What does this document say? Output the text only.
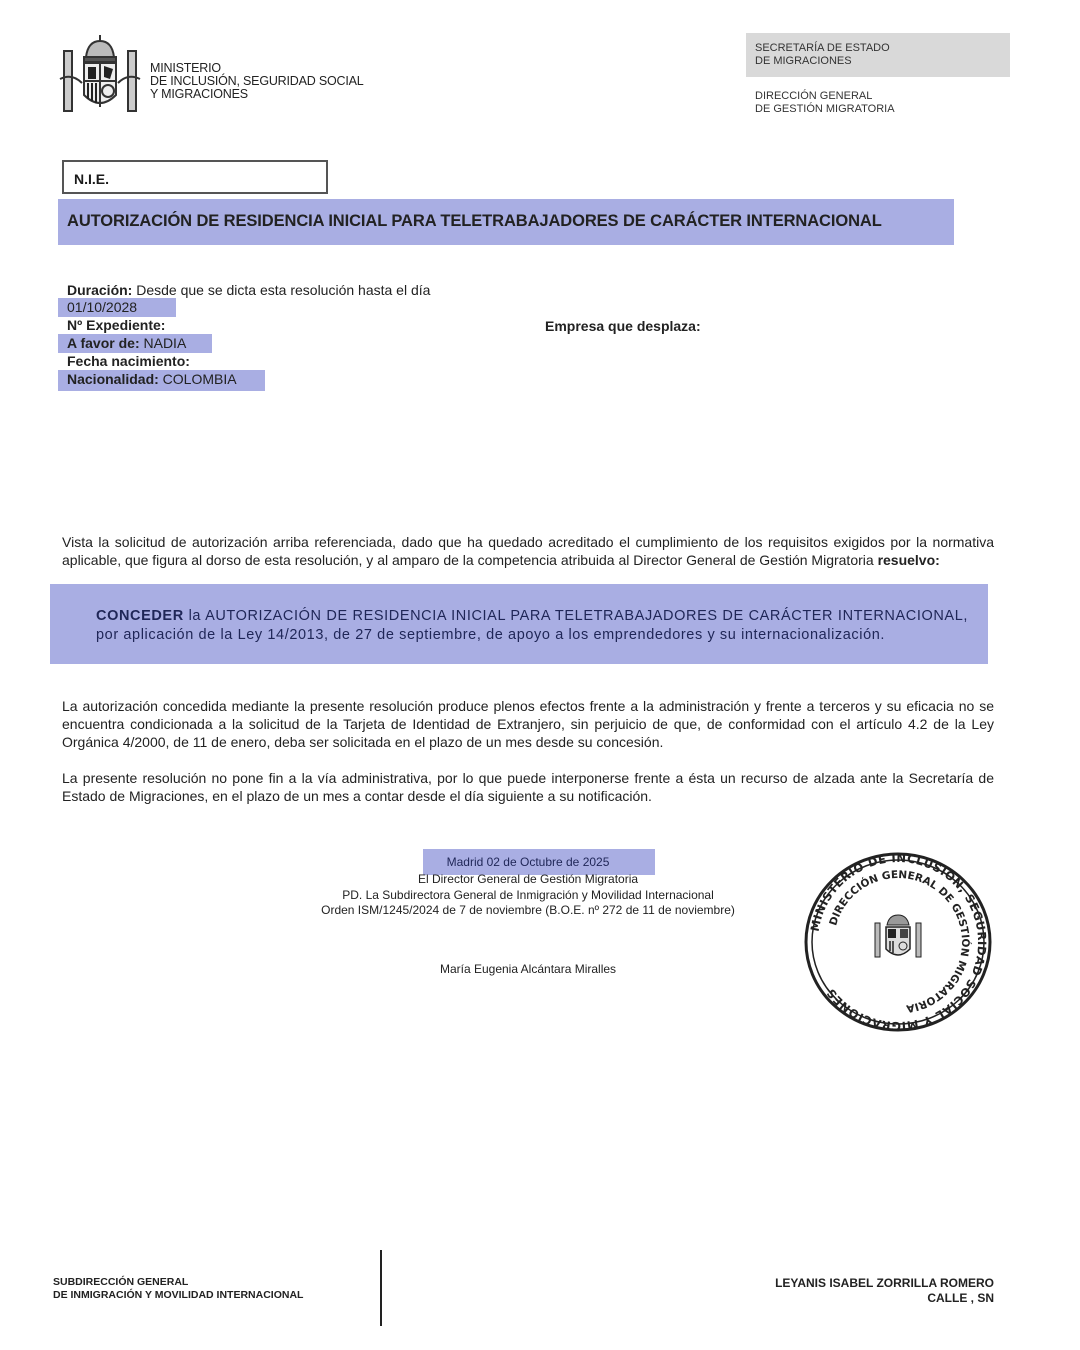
MINISTERIO
DE INCLUSIÓN, SEGURIDAD SOCIAL
Y MIGRACIONES
SECRETARÍA DE ESTADO
DE MIGRACIONES
DIRECCIÓN GENERAL
DE GESTIÓN MIGRATORIA
N.I.E.
AUTORIZACIÓN DE RESIDENCIA INICIAL PARA TELETRABAJADORES DE CARÁCTER INTERNACIONAL
Duración: Desde que se dicta esta resolución hasta el día
01/10/2028
Nº Expediente:
A favor de: NADIA
Fecha nacimiento:
Nacionalidad: COLOMBIA
Empresa que desplaza:
Vista la solicitud de autorización arriba referenciada, dado que ha quedado acreditado el cumplimiento de los requisitos exigidos por la normativa aplicable, que figura al dorso de esta resolución, y al amparo de la competencia atribuida al Director General de Gestión Migratoria resuelvo:
CONCEDER la AUTORIZACIÓN DE RESIDENCIA INICIAL PARA TELETRABAJADORES DE CARÁCTER INTERNACIONAL, por aplicación de la Ley 14/2013, de 27 de septiembre, de apoyo a los emprendedores y su internacionalización.
La autorización concedida mediante la presente resolución produce plenos efectos frente a la administración y frente a terceros y su eficacia no se encuentra condicionada a la solicitud de la Tarjeta de Identidad de Extranjero, sin perjuicio de que, de conformidad con el artículo 4.2 de la Ley Orgánica 4/2000, de 11 de enero, deba ser solicitada en el plazo de un mes desde su concesión.
La presente resolución no pone fin a la vía administrativa, por lo que puede interponerse frente a ésta un recurso de alzada ante la Secretaría de Estado de Migraciones, en el plazo de un mes a contar desde el día siguiente a su notificación.
Madrid 02 de Octubre de 2025
El Director General de Gestión Migratoria
PD. La Subdirectora General de Inmigración y Movilidad Internacional
Orden ISM/1245/2024 de 7 de noviembre (B.O.E. nº 272 de 11 de noviembre)
María Eugenia Alcántara Miralles
MINISTERIO DE INCLUSIÓN, SEGURIDAD SOCIAL Y MIGRACIONES
DIRECCIÓN GENERAL DE GESTIÓN MIGRATORIA
SUBDIRECCIÓN GENERAL
DE INMIGRACIÓN Y MOVILIDAD INTERNACIONAL
LEYANIS ISABEL ZORRILLA ROMERO
CALLE , SN
